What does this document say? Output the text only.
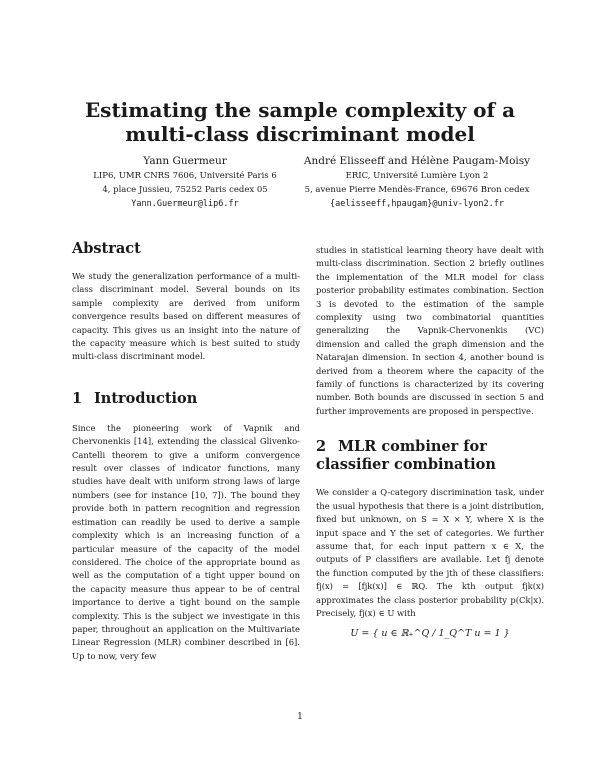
Estimating the sample complexity of a multi-class discriminant model
Yann Guermeur
LIP6, UMR CNRS 7606, Université Paris 6
4, place Jussieu, 75252 Paris cedex 05
Yann.Guermeur@lip6.fr
André Elisseeff and Hélène Paugam-Moisy
ERIC, Université Lumière Lyon 2
5, avenue Pierre Mendès-France, 69676 Bron cedex
{aelisseeff,hpaugam}@univ-lyon2.fr
Abstract

We study the generalization performance of a multi-class discriminant model. Several bounds on its sample complexity are derived from uniform convergence results based on different measures of capacity. This gives us an insight into the nature of the capacity measure which is best suited to study multi-class discriminant model.

1 Introduction

Since the pioneering work of Vapnik and Chervonenkis [14], extending the classical Glivenko-Cantelli theorem to give a uniform convergence result over classes of indicator functions, many studies have dealt with uniform strong laws of large numbers (see for instance [10, 7]). The bound they provide both in pattern recognition and regression estimation can readily be used to derive a sample complexity which is an increasing function of a particular measure of the capacity of the model considered. The choice of the appropriate bound as well as the computation of a tight upper bound on the capacity measure thus appear to be of central importance to derive a tight bound on the sample complexity. This is the subject we investigate in this paper, throughout an application on the Multivariate Linear Regression (MLR) combiner described in [6]. Up to now, very few

studies in statistical learning theory have dealt with multi-class discrimination. Section 2 briefly outlines the implementation of the MLR model for class posterior probability estimates combination. Section 3 is devoted to the estimation of the sample complexity using two combinatorial quantities generalizing the Vapnik-Chervonenkis (VC) dimension and called the graph dimension and the Natarajan dimension. In section 4, another bound is derived from a theorem where the capacity of the family of functions is characterized by its covering number. Both bounds are discussed in section 5 and further improvements are proposed in perspective.

2 MLR combiner for classifier combination

We consider a Q-category discrimination task, under the usual hypothesis that there is a joint distribution, fixed but unknown, on S = X × Y, where X is the input space and Y the set of categories. We further assume that, for each input pattern x ∈ X, the outputs of P classifiers are available. Let fj denote the function computed by the jth of these classifiers: fj(x) = [fjk(x)] ∈ ℝQ. The kth output fjk(x) approximates the class posterior probability p(Ck|x). Precisely, fj(x) ∈ U with

U = { u ∈ ℝ₊^Q / 1_Q^T u = 1 }
1
